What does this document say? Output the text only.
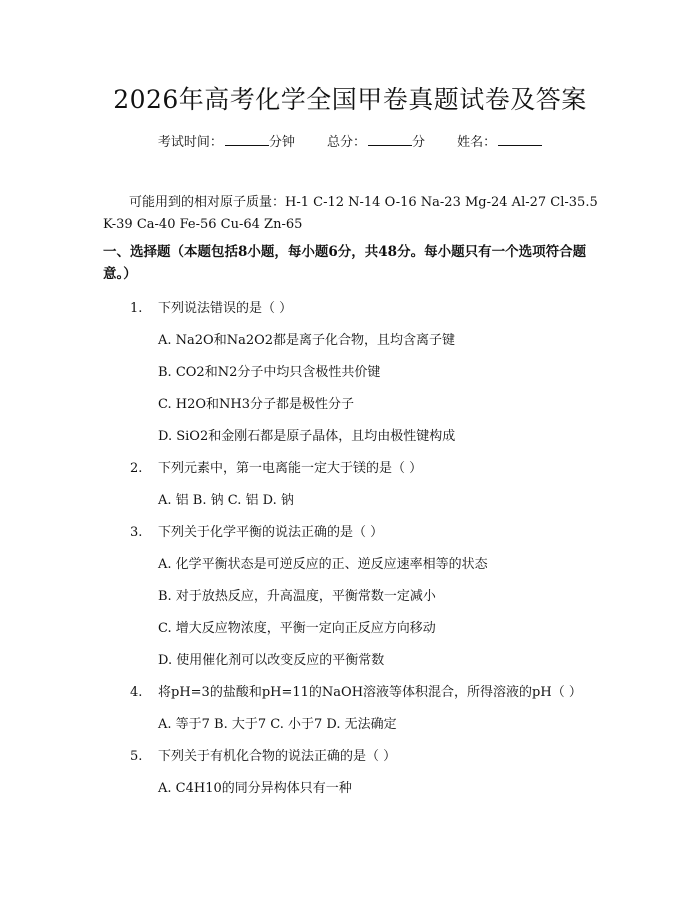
2026年高考化学全国甲卷真题试卷及答案
考试时间：	分钟 总分：	分 姓名：
可能用到的相对原子质量：H-1 C-12 N-14 O-16 Na-23 Mg-24 Al-27 Cl-35.5 K-39 Ca-40 Fe-56 Cu-64 Zn-65
一、选择题（本题包括8小题，每小题6分，共48分。每小题只有一个选项符合题意。）
1. 下列说法错误的是（ ）
A. Na2O和Na2O2都是离子化合物，且均含离子键
B. CO2和N2分子中均只含极性共价键
C. H2O和NH3分子都是极性分子
D. SiO2和金刚石都是原子晶体，且均由极性键构成
2. 下列元素中，第一电离能一定大于镁的是（ ）
A. 铝 B. 钠 C. 铝 D. 钠
3. 下列关于化学平衡的说法正确的是（ ）
A. 化学平衡状态是可逆反应的正、逆反应速率相等的状态
B. 对于放热反应，升高温度，平衡常数一定减小
C. 增大反应物浓度，平衡一定向正反应方向移动
D. 使用催化剂可以改变反应的平衡常数
4. 将pH=3的盐酸和pH=11的NaOH溶液等体积混合，所得溶液的pH（ ）
A. 等于7 B. 大于7 C. 小于7 D. 无法确定
5. 下列关于有机化合物的说法正确的是（ ）
A. C4H10的同分异构体只有一种
